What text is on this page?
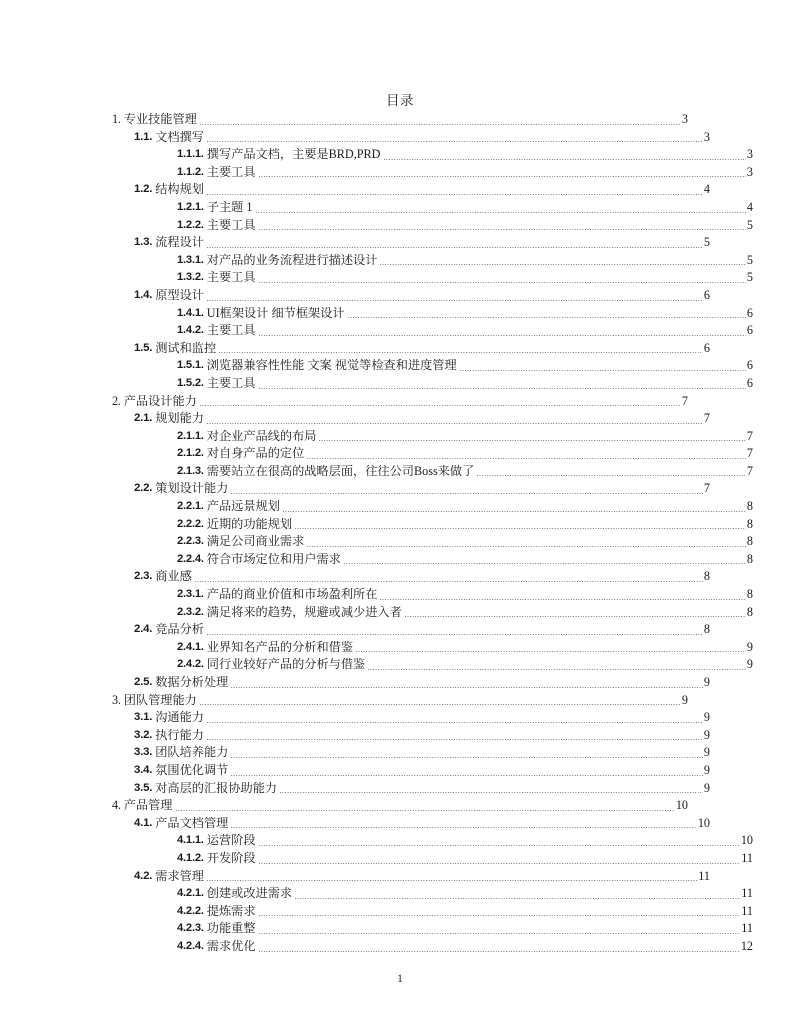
目录
1. 专业技能管理	3
1.1. 文档撰写	3
1.1.1. 撰写产品文档，主要是BRD,PRD	3
1.1.2. 主要工具	3
1.2. 结构规划	4
1.2.1. 子主题 1	4
1.2.2. 主要工具	5
1.3. 流程设计	5
1.3.1. 对产品的业务流程进行描述设计	5
1.3.2. 主要工具	5
1.4. 原型设计	6
1.4.1. UI框架设计 细节框架设计	6
1.4.2. 主要工具	6
1.5. 测试和监控	6
1.5.1. 浏览器兼容性性能 文案 视觉等检查和进度管理	6
1.5.2. 主要工具	6
2. 产品设计能力	7
2.1. 规划能力	7
2.1.1. 对企业产品线的布局	7
2.1.2. 对自身产品的定位	7
2.1.3. 需要站立在很高的战略层面，往往公司Boss来做了	7
2.2. 策划设计能力	7
2.2.1. 产品远景规划	8
2.2.2. 近期的功能规划	8
2.2.3. 满足公司商业需求	8
2.2.4. 符合市场定位和用户需求	8
2.3. 商业感	8
2.3.1. 产品的商业价值和市场盈利所在	8
2.3.2. 满足将来的趋势，规避或减少进入者	8
2.4. 竞品分析	8
2.4.1. 业界知名产品的分析和借鉴	9
2.4.2. 同行业较好产品的分析与借鉴	9
2.5. 数据分析处理	9
3. 团队管理能力	9
3.1. 沟通能力	9
3.2. 执行能力	9
3.3. 团队培养能力	9
3.4. 氛围优化调节	9
3.5. 对高层的汇报协助能力	9
4. 产品管理	10
4.1. 产品文档管理	10
4.1.1. 运营阶段	10
4.1.2. 开发阶段	11
4.2. 需求管理	11
4.2.1. 创建或改进需求	11
4.2.2. 提炼需求	11
4.2.3. 功能重整	11
4.2.4. 需求优化	12
1
